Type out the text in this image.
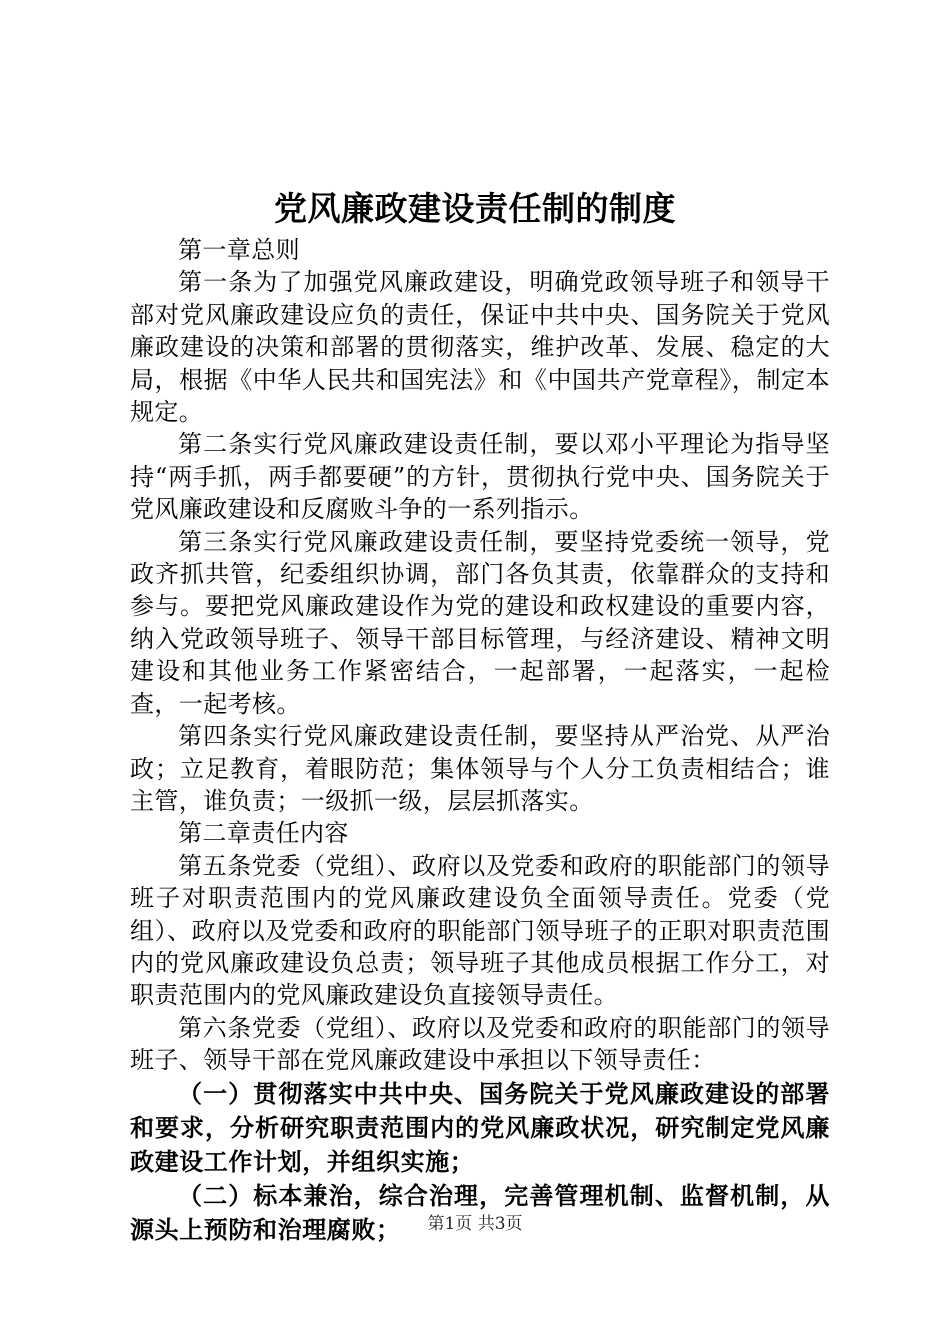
党风廉政建设责任制的制度

第一章总则

第一条为了加强党风廉政建设，明确党政领导班子和领导干部对党风廉政建设应负的责任，保证中共中央、国务院关于党风廉政建设的决策和部署的贯彻落实，维护改革、发展、稳定的大局，根据《中华人民共和国宪法》和《中国共产党章程》，制定本规定。

第二条实行党风廉政建设责任制，要以邓小平理论为指导坚持“两手抓，两手都要硬”的方针，贯彻执行党中央、国务院关于党风廉政建设和反腐败斗争的一系列指示。

第三条实行党风廉政建设责任制，要坚持党委统一领导，党政齐抓共管，纪委组织协调，部门各负其责，依靠群众的支持和参与。要把党风廉政建设作为党的建设和政权建设的重要内容，纳入党政领导班子、领导干部目标管理，与经济建设、精神文明建设和其他业务工作紧密结合，一起部署，一起落实，一起检查，一起考核。

第四条实行党风廉政建设责任制，要坚持从严治党、从严治政；立足教育，着眼防范；集体领导与个人分工负责相结合；谁主管，谁负责；一级抓一级，层层抓落实。

第二章责任内容

第五条党委（党组）、政府以及党委和政府的职能部门的领导班子对职责范围内的党风廉政建设负全面领导责任。党委（党组）、政府以及党委和政府的职能部门领导班子的正职对职责范围内的党风廉政建设负总责；领导班子其他成员根据工作分工，对职责范围内的党风廉政建设负直接领导责任。

第六条党委（党组）、政府以及党委和政府的职能部门的领导班子、领导干部在党风廉政建设中承担以下领导责任：

（一）贯彻落实中共中央、国务院关于党风廉政建设的部署和要求，分析研究职责范围内的党风廉政状况，研究制定党风廉政建设工作计划，并组织实施；

（二）标本兼治，综合治理，完善管理机制、监督机制，从源头上预防和治理腐败；	第1页 共3页
